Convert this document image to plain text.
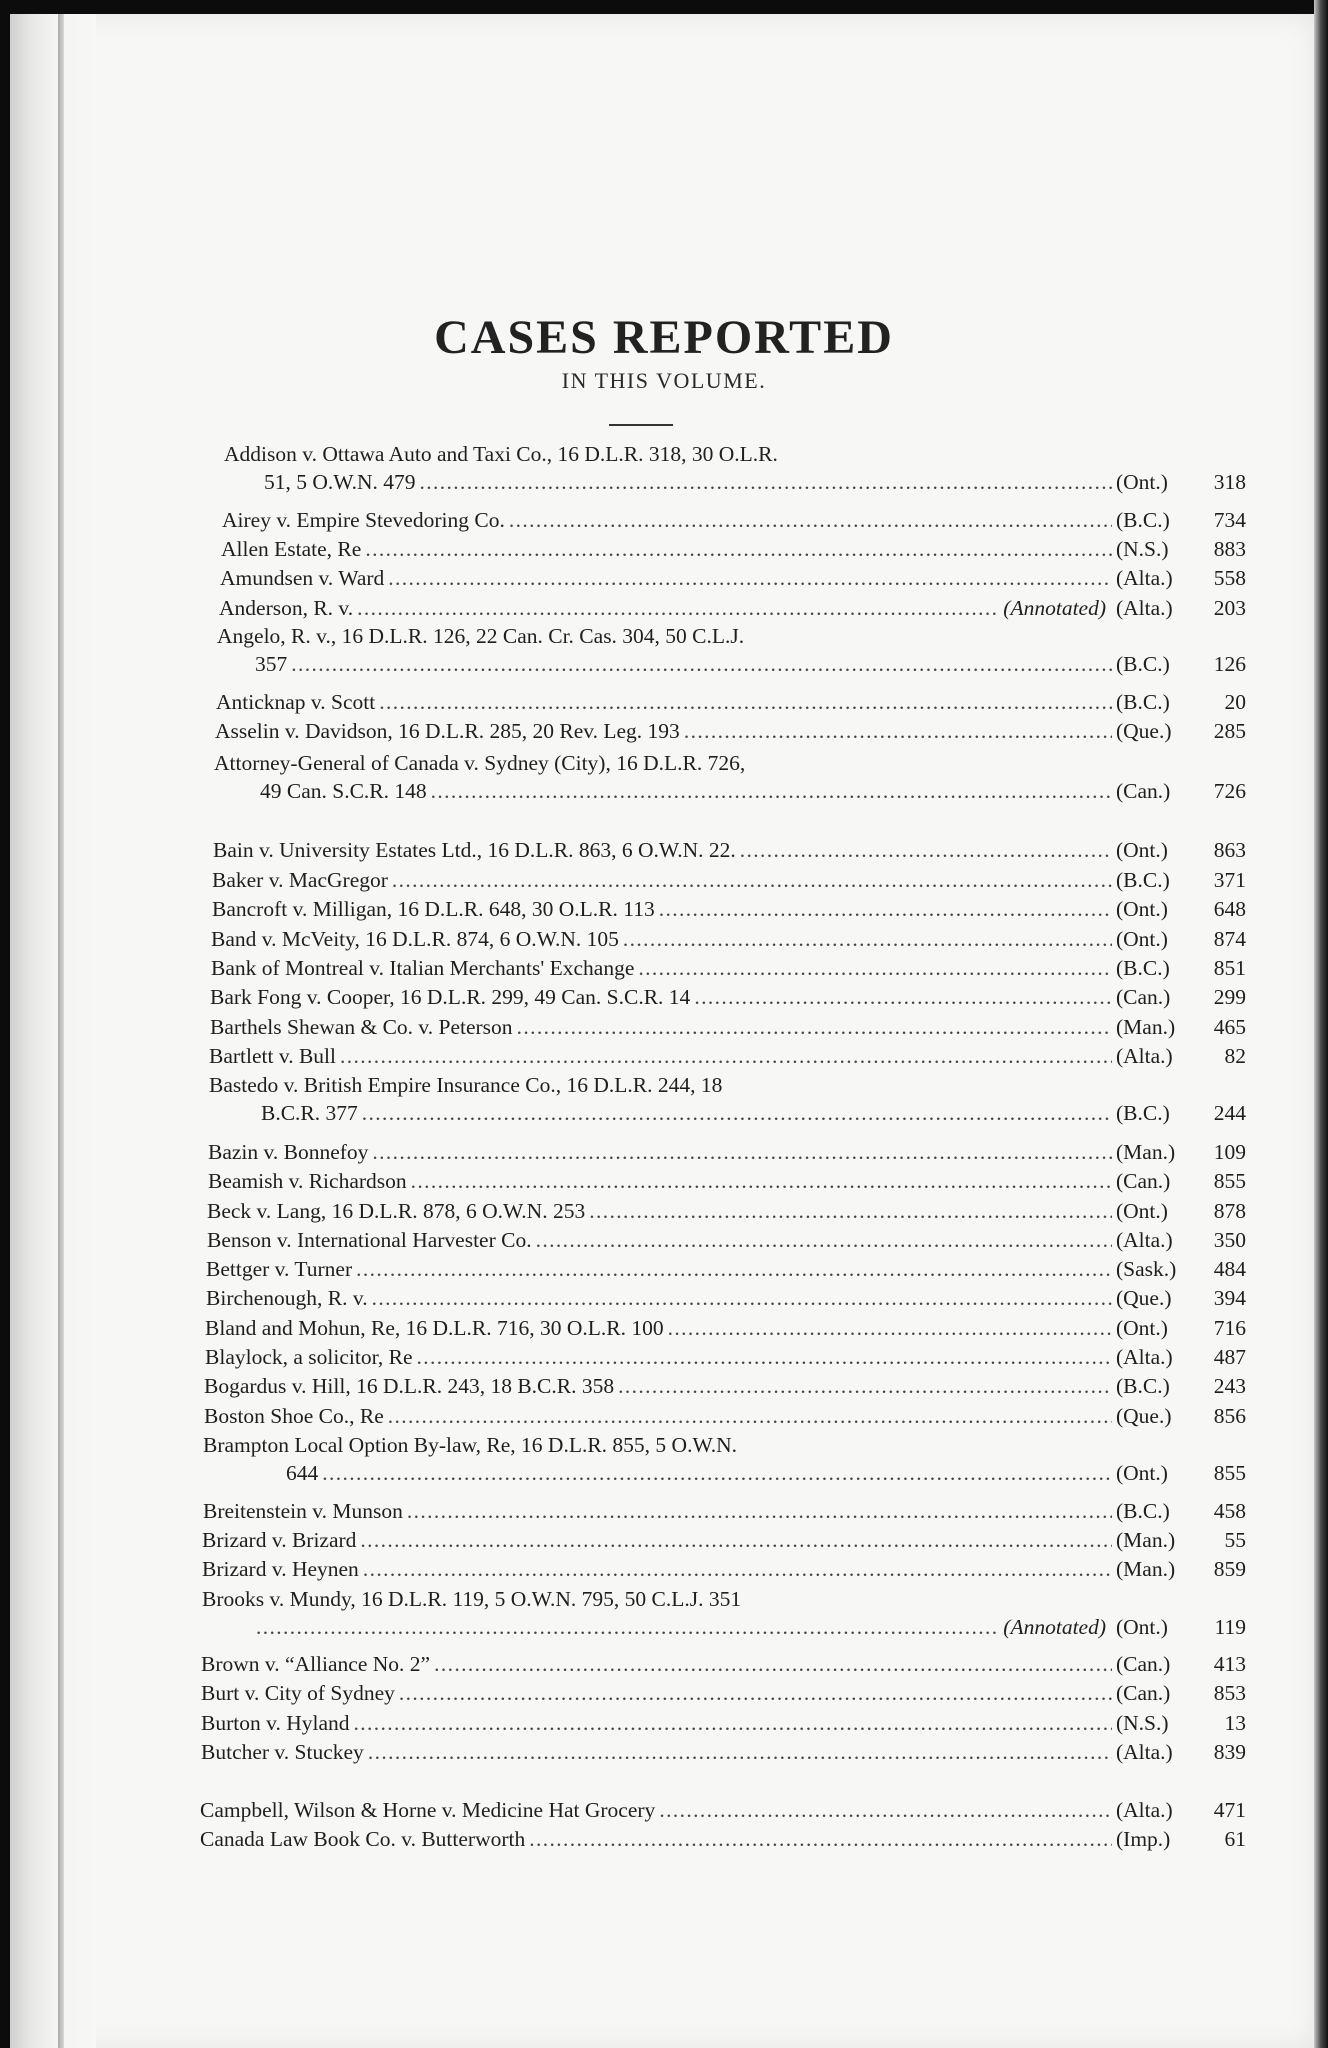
CASES REPORTED
IN THIS VOLUME.
Addison v. Ottawa Auto and Taxi Co., 16 D.L.R. 318, 30 O.L.R.
51, 5 O.W.N. 479 . . .	(Ont.)	318
Airey v. Empire Stevedoring Co. . . .	(B.C.)	734
Allen Estate, Re . . .	(N.S.)	883
Amundsen v. Ward . . .	(Alta.)	558
Anderson, R. v. . . .	(Annotated) (Alta.)	203
Angelo, R. v., 16 D.L.R. 126, 22 Can. Cr. Cas. 304, 50 C.L.J.
357 . . .	(B.C.)	126
Anticknap v. Scott . . .	(B.C.)	20
Asselin v. Davidson, 16 D.L.R. 285, 20 Rev. Leg. 193 . . .	(Que.)	285
Attorney-General of Canada v. Sydney (City), 16 D.L.R. 726,
49 Can. S.C.R. 148 . . .	(Can.)	726
Bain v. University Estates Ltd., 16 D.L.R. 863, 6 O.W.N. 22. . . .	(Ont.)	863
Baker v. MacGregor . . .	(B.C.)	371
Bancroft v. Milligan, 16 D.L.R. 648, 30 O.L.R. 113 . . .	(Ont.)	648
Band v. McVeity, 16 D.L.R. 874, 6 O.W.N. 105 . . .	(Ont.)	874
Bank of Montreal v. Italian Merchants' Exchange . . .	(B.C.)	851
Bark Fong v. Cooper, 16 D.L.R. 299, 49 Can. S.C.R. 14 . . .	(Can.)	299
Barthels Shewan & Co. v. Peterson . . .	(Man.)	465
Bartlett v. Bull . . .	(Alta.)	82
Bastedo v. British Empire Insurance Co., 16 D.L.R. 244, 18
B.C.R. 377 . . .	(B.C.)	244
Bazin v. Bonnefoy . . .	(Man.)	109
Beamish v. Richardson . . .	(Can.)	855
Beck v. Lang, 16 D.L.R. 878, 6 O.W.N. 253 . . .	(Ont.)	878
Benson v. International Harvester Co. . . .	(Alta.)	350
Bettger v. Turner . . .	(Sask.)	484
Birchenough, R. v. . . .	(Que.)	394
Bland and Mohun, Re, 16 D.L.R. 716, 30 O.L.R. 100 . . .	(Ont.)	716
Blaylock, a solicitor, Re . . .	(Alta.)	487
Bogardus v. Hill, 16 D.L.R. 243, 18 B.C.R. 358 . . .	(B.C.)	243
Boston Shoe Co., Re . . .	(Que.)	856
Brampton Local Option By-law, Re, 16 D.L.R. 855, 5 O.W.N.
644 . . .	(Ont.)	855
Breitenstein v. Munson . . .	(B.C.)	458
Brizard v. Brizard . . .	(Man.)	55
Brizard v. Heynen . . .	(Man.)	859
Brooks v. Mundy, 16 D.L.R. 119, 5 O.W.N. 795, 50 C.L.J. 351
. . .
(Annotated) (Ont.)	119
Brown v. “Alliance No. 2” . . .	(Can.)	413
Burt v. City of Sydney . . .	(Can.)	853
Burton v. Hyland . . .	(N.S.)	13
Butcher v. Stuckey . . .	(Alta.)	839
Campbell, Wilson & Horne v. Medicine Hat Grocery . . .	(Alta.)	471
Canada Law Book Co. v. Butterworth . . .	(Imp.)	61
